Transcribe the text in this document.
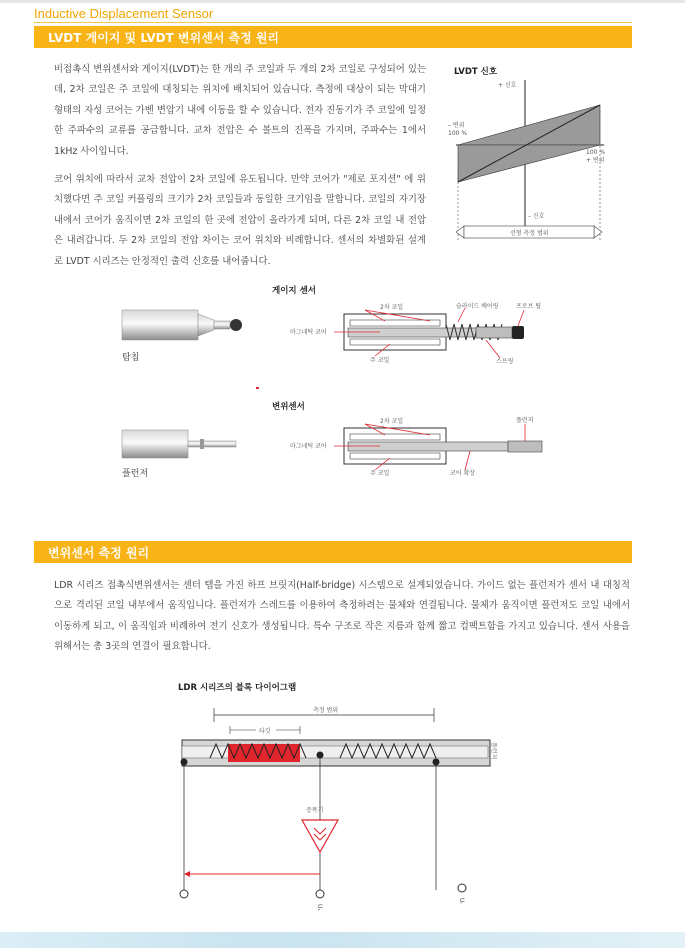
Inductive Displacement Sensor
LVDT 게이지 및 LVDT 변위센서 측정 원리
비접촉식 변위센서와 게이지(LVDT)는 한 개의 주 코일과 두 개의 2차 코일로 구성되어 있는데, 2차 코일은 주 코일에 대칭되는 위치에 배치되어 있습니다. 측정에 대상이 되는 막대기 형태의 자성 코어는 가벤 변압기 내에 이동을 할 수 있습니다. 전자 진동기가 주 코일에 일정한 주파수의 교류를 공급합니다. 교차 전압은 수 볼트의 진폭을 가지며, 주파수는 1에서 1kHz 사이입니다.
코어 위치에 따라서 교차 전압이 2차 코일에 유도됩니다. 만약 코어가 "제로 포지션" 에 위치했다면 주 코일 커플링의 크기가 2차 코일들과 동일한 크기임을 말합니다. 코일의 자기장 내에서 코어가 움직이면 2차 코일의 한 곳에 전압이 올라가게 되며, 다른 2차 코일 내 전압은 내려갑니다. 두 2차 코일의 전압 차이는 코어 위치와 비례합니다. 센서의 차별화된 설계로 LVDT 시리즈는 안정적인 출력 신호를 내어줍니다.
LVDT 신호
+ 신호
– 신호
– 변위
100 %
100 %
+ 변위
선형 측정 범위
게이지 센서
탐침
2차 코일	슬라이드 베어링	프로브 팁
마그네틱 코어
주 코일	스프링
변위센서
플런저
2차 코일	플런저
마그네틱 코어
주 코일	코어 확장
변위센서 측정 원리
LDR 시리즈 접촉식변위센서는 센터 탭을 가진 하프 브릿지(Half-bridge) 시스템으로 설계되었습니다. 가이드 없는 플런저가 센서 내 대칭적으로 격리된 코일 내부에서 움직입니다. 플런저가 스레드를 이용하여 측정하려는 물체와 연결됩니다. 물체가 움직이면 플런저도 코일 내에서 이동하게 되고, 이 움직임과 비례하여 전기 신호가 생성됩니다. 특수 구조로 작은 지름과 함께 짧고 컴팩트함을 가지고 있습니다. 센서 사용을 위해서는 총 3곳의 연결이 필요합니다.
LDR 시리즈의 블록 다이어그램
측정 범위
타깃
증폭기
Uₛ
Uᵢ
플런저
